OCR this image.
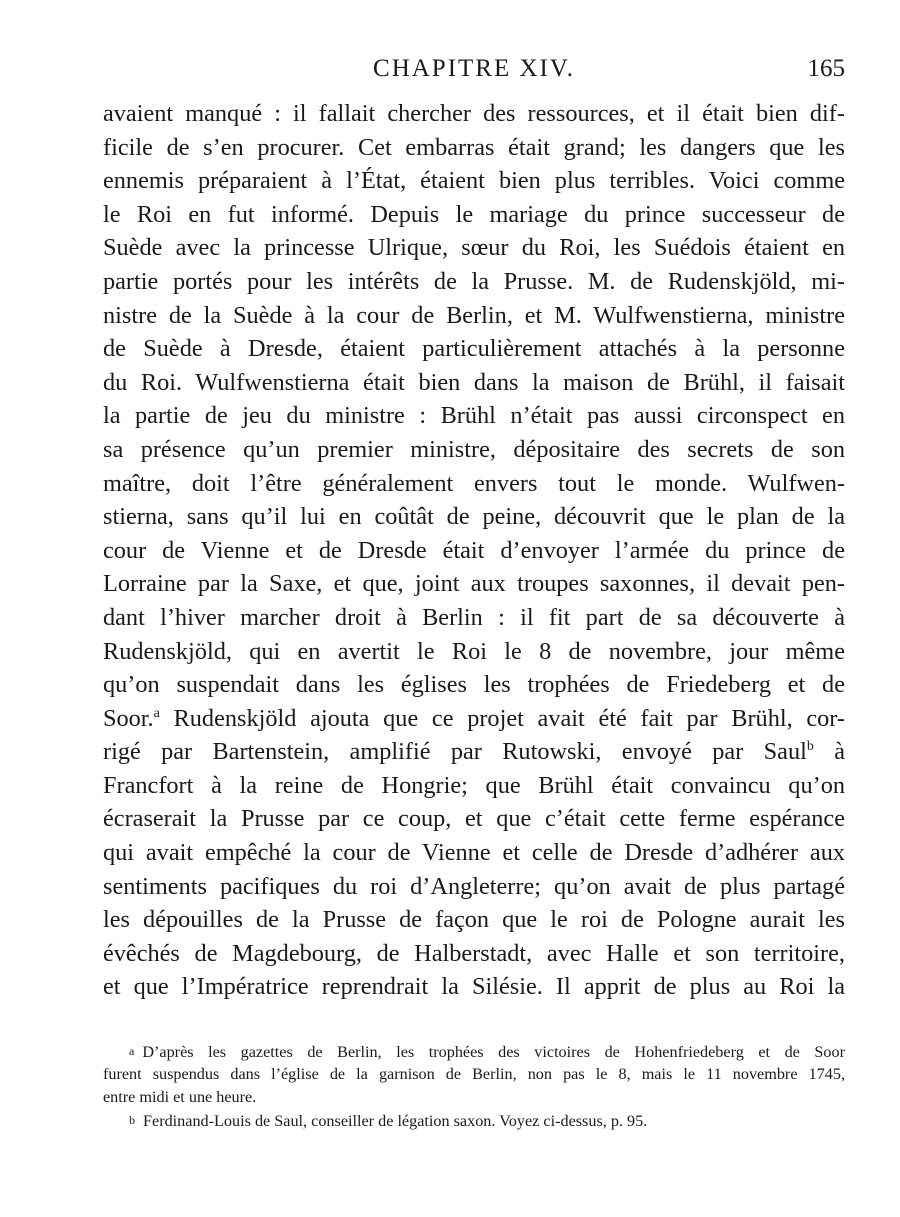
CHAPITRE XIV.	165
avaient manqué : il fallait chercher des ressources, et il était bien dif-
ficile de s’en procurer. Cet embarras était grand; les dangers que les
ennemis préparaient à l’État, étaient bien plus terribles. Voici comme
le Roi en fut informé. Depuis le mariage du prince successeur de
Suède avec la princesse Ulrique, sœur du Roi, les Suédois étaient en
partie portés pour les intérêts de la Prusse. M. de Rudenskjöld, mi-
nistre de la Suède à la cour de Berlin, et M. Wulfwenstierna, ministre
de Suède à Dresde, étaient particulièrement attachés à la personne
du Roi. Wulfwenstierna était bien dans la maison de Brühl, il faisait
la partie de jeu du ministre : Brühl n’était pas aussi circonspect en
sa présence qu’un premier ministre, dépositaire des secrets de son
maître, doit l’être généralement envers tout le monde. Wulfwen-
stierna, sans qu’il lui en coûtât de peine, découvrit que le plan de la
cour de Vienne et de Dresde était d’envoyer l’armée du prince de
Lorraine par la Saxe, et que, joint aux troupes saxonnes, il devait pen-
dant l’hiver marcher droit à Berlin : il fit part de sa découverte à
Rudenskjöld, qui en avertit le Roi le 8 de novembre, jour même
qu’on suspendait dans les églises les trophées de Friedeberg et de
Soor.$^a$ Rudenskjöld ajouta que ce projet avait été fait par Brühl, cor-
rigé par Bartenstein, amplifié par Rutowski, envoyé par Saul$^b$ à
Francfort à la reine de Hongrie; que Brühl était convaincu qu’on
écraserait la Prusse par ce coup, et que c’était cette ferme espérance
qui avait empêché la cour de Vienne et celle de Dresde d’adhérer aux
sentiments pacifiques du roi d’Angleterre; qu’on avait de plus partagé
les dépouilles de la Prusse de façon que le roi de Pologne aurait les
évêchés de Magdebourg, de Halberstadt, avec Halle et son territoire,
et que l’Impératrice reprendrait la Silésie. Il apprit de plus au Roi la
a D’après les gazettes de Berlin, les trophées des victoires de Hohenfriedeberg et de Soor
furent suspendus dans l’église de la garnison de Berlin, non pas le 8, mais le 11 novembre 1745,
entre midi et une heure.
b Ferdinand-Louis de Saul, conseiller de légation saxon. Voyez ci-dessus, p. 95.
